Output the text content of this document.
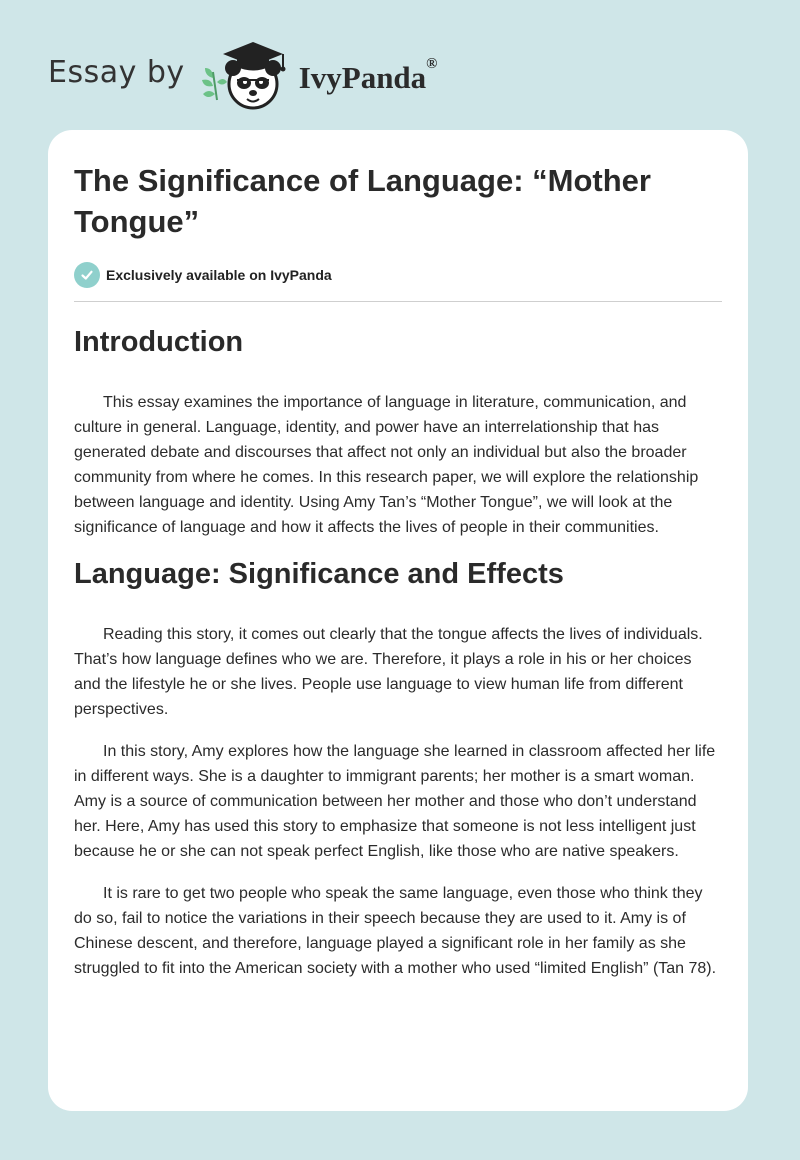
Essay by	IvyPanda®
The Significance of Language: “Mother Tongue”
Exclusively available on IvyPanda
Introduction

This essay examines the importance of language in literature, communication, and culture in general. Language, identity, and power have an interrelationship that has generated debate and discourses that affect not only an individual but also the broader community from where he comes. In this research paper, we will explore the relationship between language and identity. Using Amy Tan’s “Mother Tongue”, we will look at the significance of language and how it affects the lives of people in their communities.

Language: Significance and Effects

Reading this story, it comes out clearly that the tongue affects the lives of individuals. That’s how language defines who we are. Therefore, it plays a role in his or her choices and the lifestyle he or she lives. People use language to view human life from different perspectives.

In this story, Amy explores how the language she learned in classroom affected her life in different ways. She is a daughter to immigrant parents; her mother is a smart woman. Amy is a source of communication between her mother and those who don’t understand her. Here, Amy has used this story to emphasize that someone is not less intelligent just because he or she can not speak perfect English, like those who are native speakers.

It is rare to get two people who speak the same language, even those who think they do so, fail to notice the variations in their speech because they are used to it. Amy is of Chinese descent, and therefore, language played a significant role in her family as she struggled to fit into the American society with a mother who used “limited English” (Tan 78).
